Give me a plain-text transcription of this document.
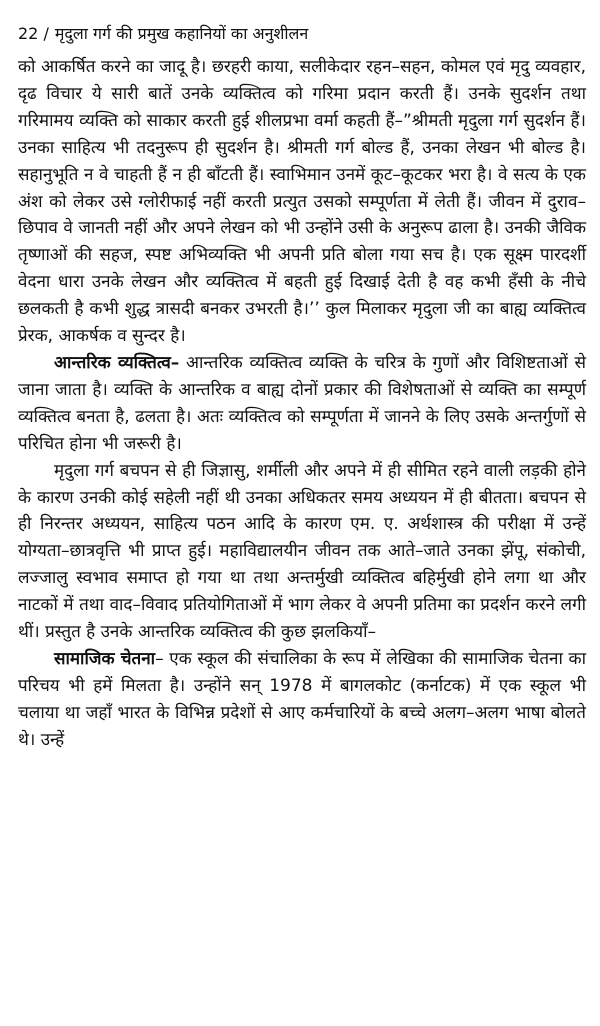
22 / मृदुला गर्ग की प्रमुख कहानियों का अनुशीलन

को आकर्षित करने का जादू है। छरहरी काया, सलीकेदार रहन–सहन, कोमल एवं मृदु व्यवहार, दृढ विचार ये सारी बातें उनके व्यक्तित्व को गरिमा प्रदान करती हैं। उनके सुदर्शन तथा गरिमामय व्यक्ति को साकार करती हुई शीलप्रभा वर्मा कहती हैं–”श्रीमती मृदुला गर्ग सुदर्शन हैं। उनका साहित्य भी तदनुरूप ही सुदर्शन है। श्रीमती गर्ग बोल्ड हैं, उनका लेखन भी बोल्ड है। सहानुभूति न वे चाहती हैं न ही बाँटती हैं। स्वाभिमान उनमें कूट–कूटकर भरा है। वे सत्य के एक अंश को लेकर उसे ग्लोरीफाई नहीं करती प्रत्युत उसको सम्पूर्णता में लेती हैं। जीवन में दुराव–छिपाव वे जानती नहीं और अपने लेखन को भी उन्होंने उसी के अनुरूप ढाला है। उनकी जैविक तृष्णाओं की सहज, स्पष्ट अभिव्यक्ति भी अपनी प्रति बोला गया सच है। एक सूक्ष्म पारदर्शी वेदना धारा उनके लेखन और व्यक्तित्व में बहती हुई दिखाई देती है वह कभी हँसी के नीचे छलकती है कभी शुद्ध त्रासदी बनकर उभरती है।’’ कुल मिलाकर मृदुला जी का बाह्य व्यक्तित्व प्रेरक, आकर्षक व सुन्दर है।

आन्तरिक व्यक्तित्व– आन्तरिक व्यक्तित्व व्यक्ति के चरित्र के गुणों और विशिष्टताओं से जाना जाता है। व्यक्ति के आन्तरिक व बाह्य दोनों प्रकार की विशेषताओं से व्यक्ति का सम्पूर्ण व्यक्तित्व बनता है, ढलता है। अतः व्यक्तित्व को सम्पूर्णता में जानने के लिए उसके अन्तर्गुणों से परिचित होना भी जरूरी है।

मृदुला गर्ग बचपन से ही जिज्ञासु, शर्मीली और अपने में ही सीमित रहने वाली लड़की होने के कारण उनकी कोई सहेली नहीं थी उनका अधिकतर समय अध्ययन में ही बीतता। बचपन से ही निरन्तर अध्ययन, साहित्य पठन आदि के कारण एम. ए. अर्थशास्त्र की परीक्षा में उन्हें योग्यता–छात्रवृत्ति भी प्राप्त हुई। महाविद्यालयीन जीवन तक आते–जाते उनका झेंपू, संकोची, लज्जालु स्वभाव समाप्त हो गया था तथा अन्तर्मुखी व्यक्तित्व बहिर्मुखी होने लगा था और नाटकों में तथा वाद–विवाद प्रतियोगिताओं में भाग लेकर वे अपनी प्रतिमा का प्रदर्शन करने लगी थीं। प्रस्तुत है उनके आन्तरिक व्यक्तित्व की कुछ झलकियाँ–

सामाजिक चेतना– एक स्कूल की संचालिका के रूप में लेखिका की सामाजिक चेतना का परिचय भी हमें मिलता है। उन्होंने सन् 1978 में बागलकोट (कर्नाटक) में एक स्कूल भी चलाया था जहाँ भारत के विभिन्न प्रदेशों से आए कर्मचारियों के बच्चे अलग–अलग भाषा बोलते थे। उन्हें
